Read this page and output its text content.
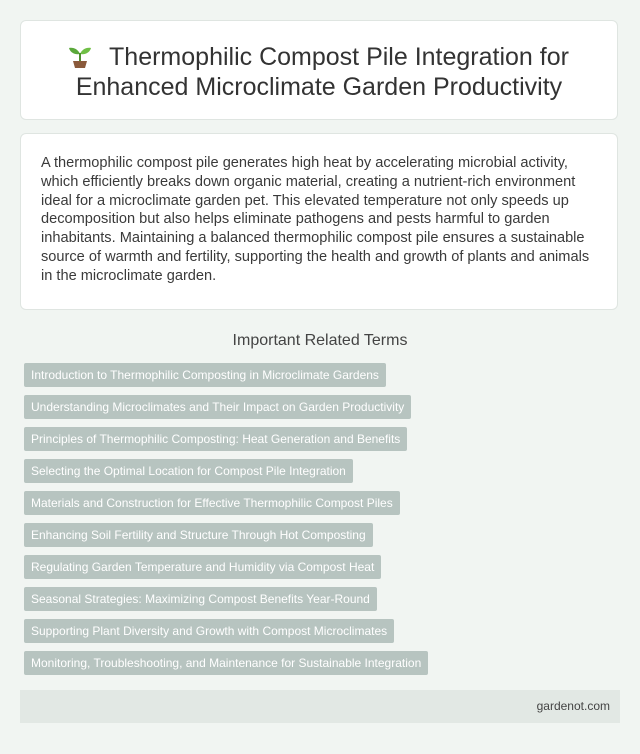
Thermophilic Compost Pile Integration for Enhanced Microclimate Garden Productivity

A thermophilic compost pile generates high heat by accelerating microbial activity, which efficiently breaks down organic material, creating a nutrient-rich environment ideal for a microclimate garden pet. This elevated temperature not only speeds up decomposition but also helps eliminate pathogens and pests harmful to garden inhabitants. Maintaining a balanced thermophilic compost pile ensures a sustainable source of warmth and fertility, supporting the health and growth of plants and animals in the microclimate garden.

Important Related Terms
Introduction to Thermophilic Composting in Microclimate Gardens
Understanding Microclimates and Their Impact on Garden Productivity
Principles of Thermophilic Composting: Heat Generation and Benefits
Selecting the Optimal Location for Compost Pile Integration
Materials and Construction for Effective Thermophilic Compost Piles
Enhancing Soil Fertility and Structure Through Hot Composting
Regulating Garden Temperature and Humidity via Compost Heat
Seasonal Strategies: Maximizing Compost Benefits Year-Round
Supporting Plant Diversity and Growth with Compost Microclimates
Monitoring, Troubleshooting, and Maintenance for Sustainable Integration
gardenot.com
